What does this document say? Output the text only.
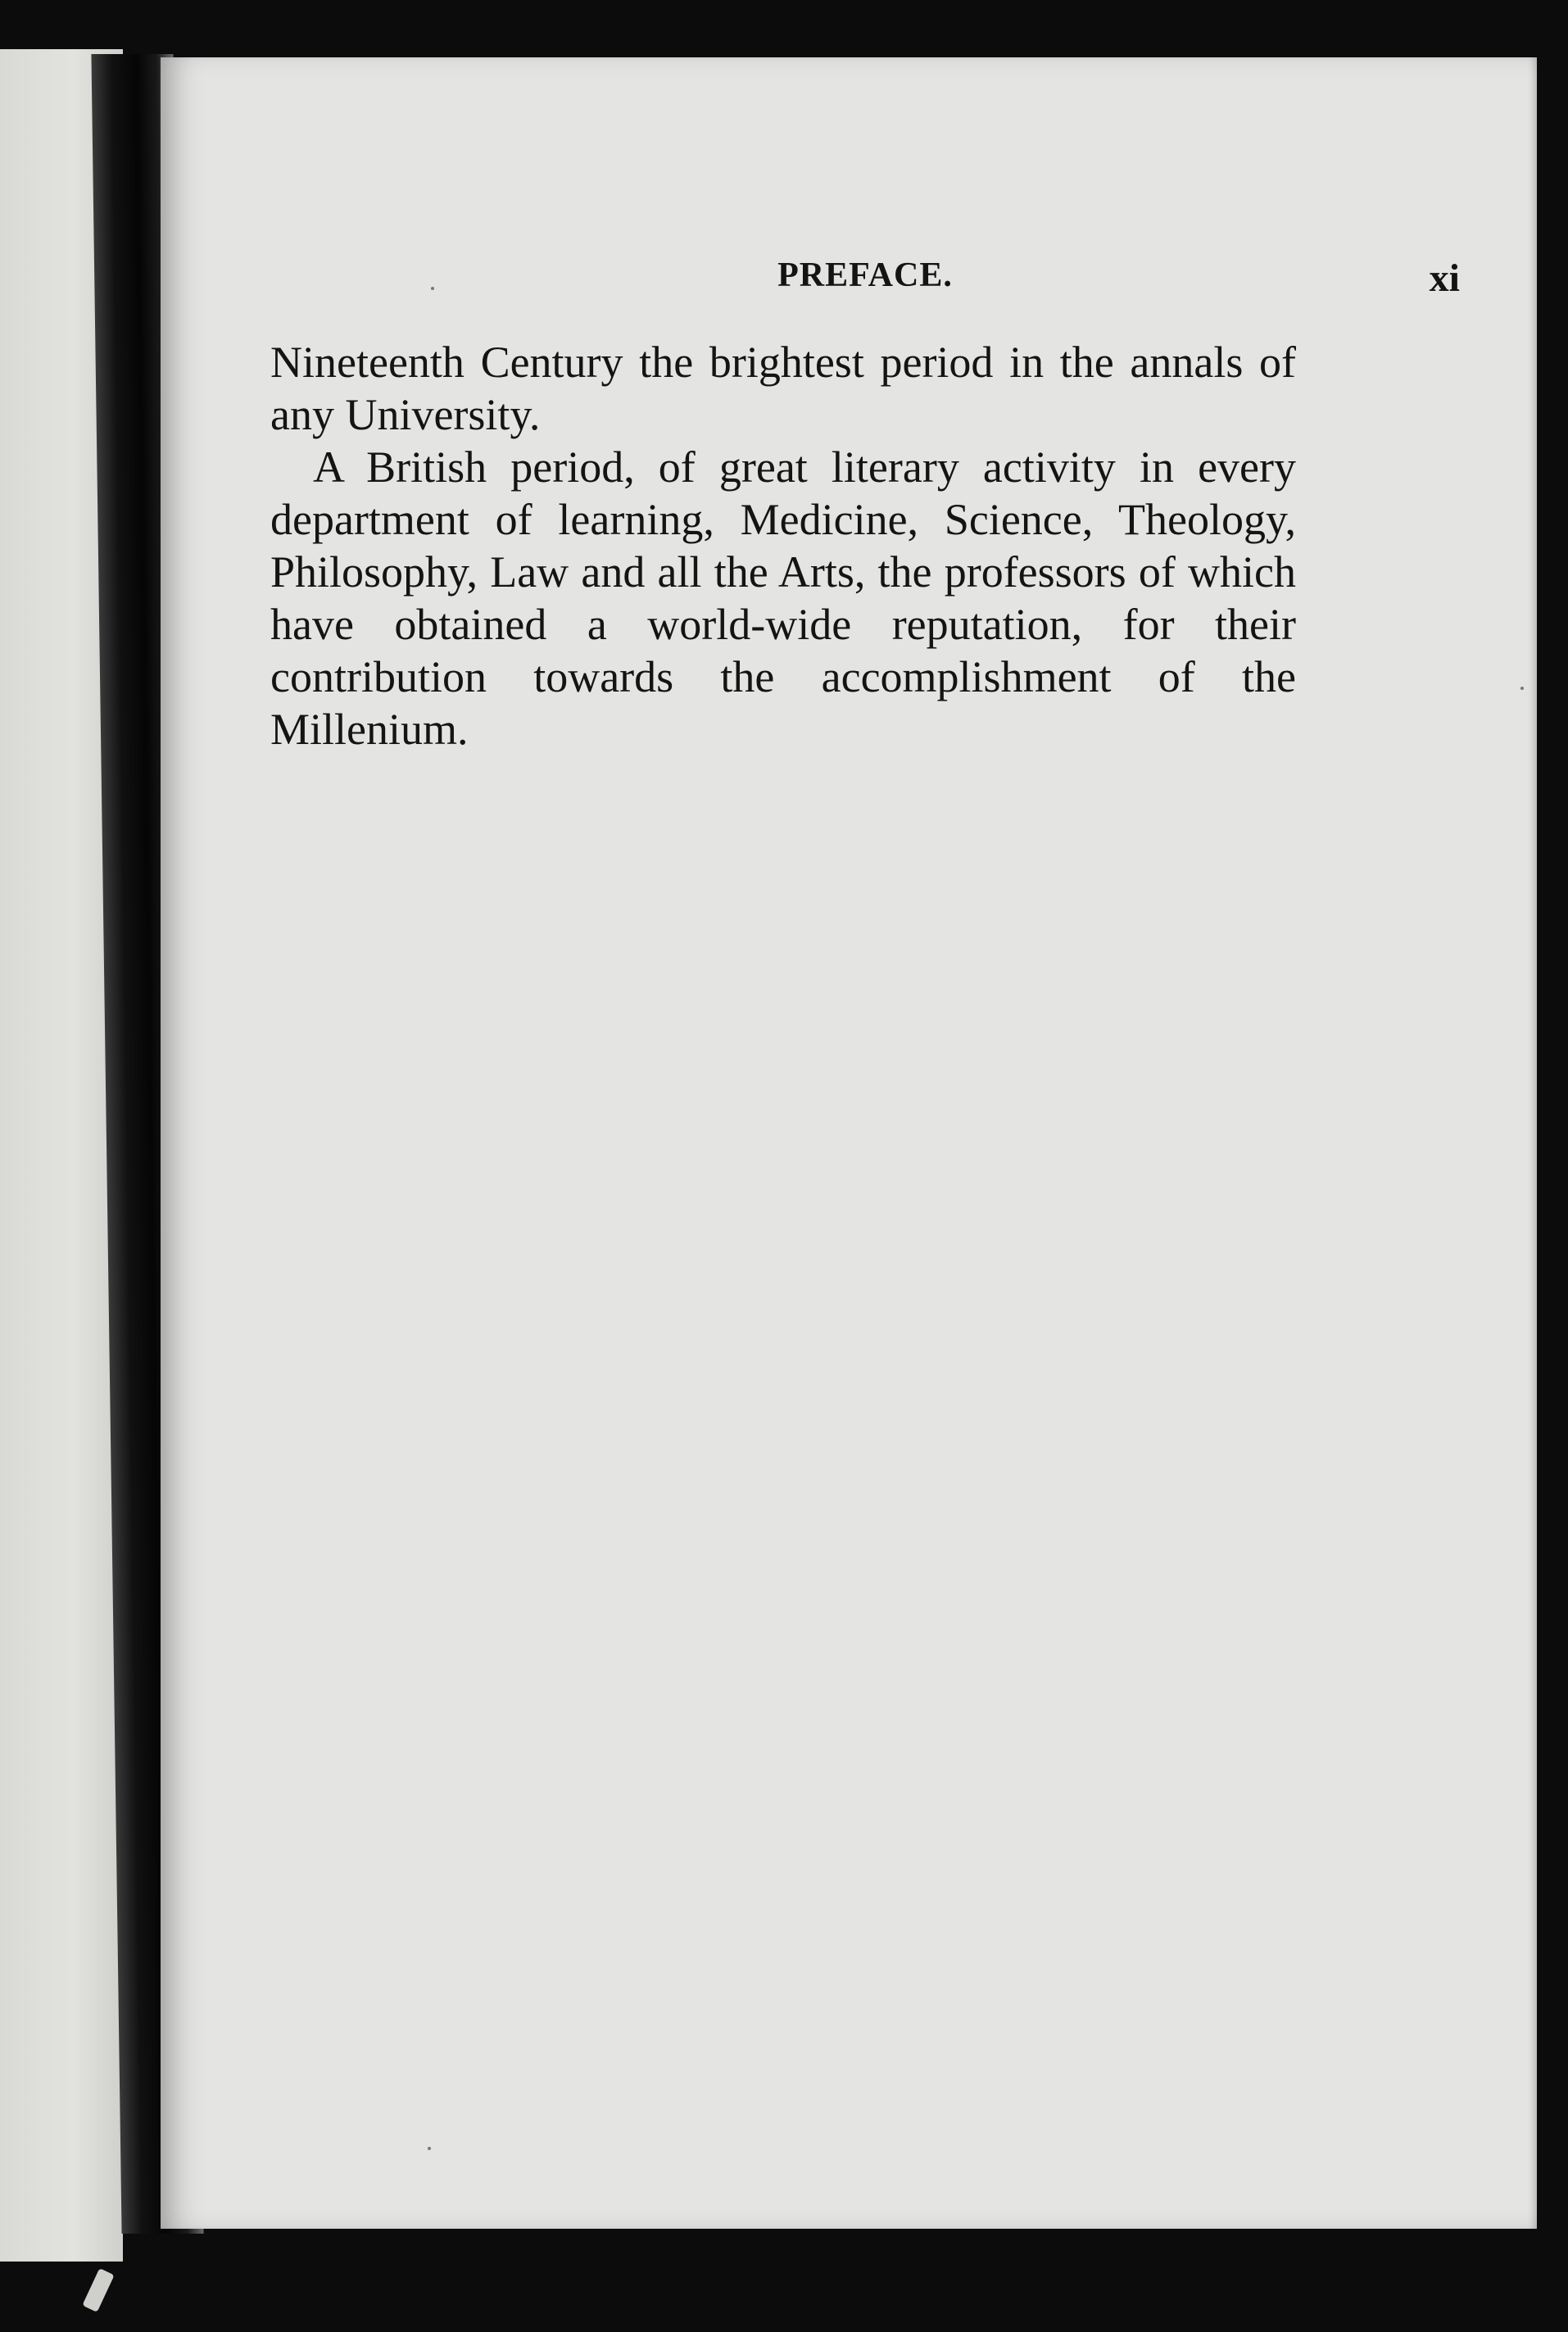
PREFACE.	xi

Nineteenth Century the brightest period in the annals of any University.

A British period, of great literary activity in every department of learning, Medicine, Science, Theology, Philosophy, Law and all the Arts, the professors of which have obtained a world-wide reputation, for their contribution towards the accomplishment of the Millenium.
